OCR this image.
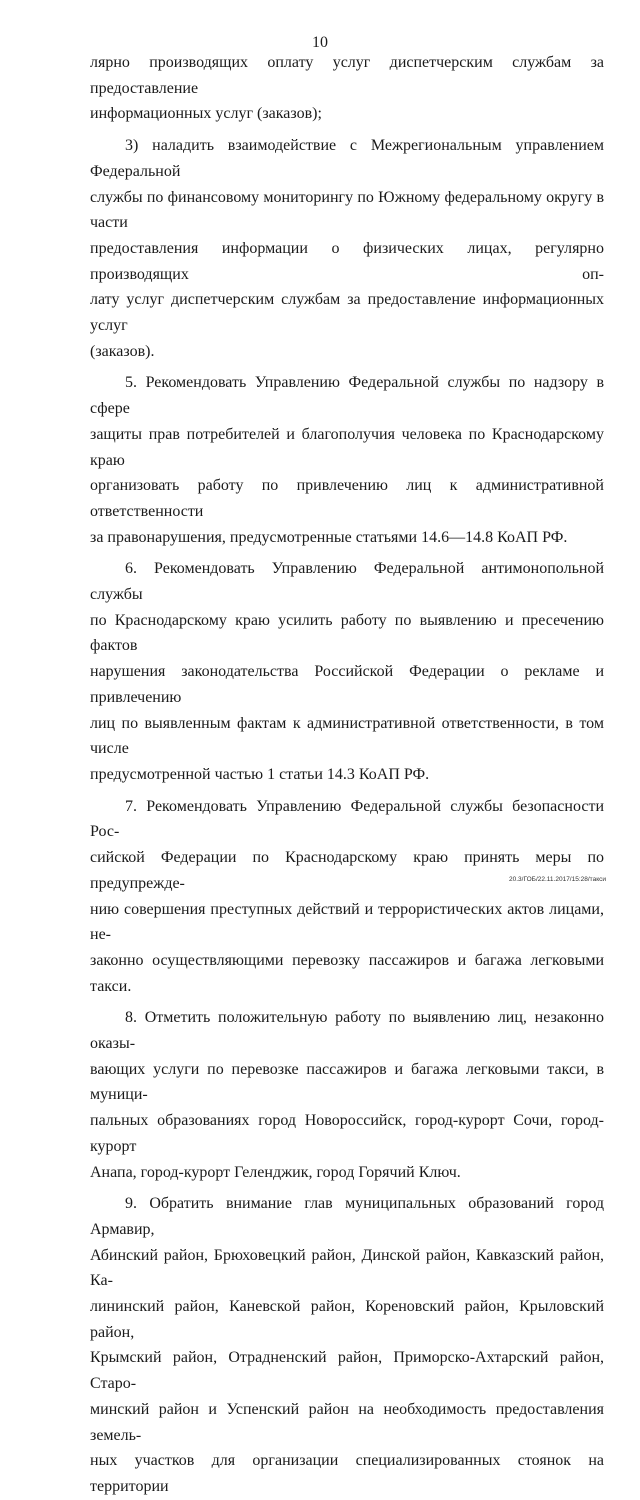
10

лярно производящих оплату услуг диспетчерским службам за предоставление

информационных услуг (заказов);

3) наладить взаимодействие с Межрегиональным управлением Федеральной

службы по финансовому мониторингу по Южному федеральному округу в части

предоставления информации о физических лицах, регулярно производящих оп-

лату услуг диспетчерским службам за предоставление информационных услуг

(заказов).

5. Рекомендовать Управлению Федеральной службы по надзору в сфере

защиты прав потребителей и благополучия человека по Краснодарскому краю

организовать работу по привлечению лиц к административной ответственности

за правонарушения, предусмотренные статьями 14.6—14.8 КоАП РФ.

6. Рекомендовать Управлению Федеральной антимонопольной службы

по Краснодарскому краю усилить работу по выявлению и пресечению фактов

нарушения законодательства Российской Федерации о рекламе и привлечению

лиц по выявленным фактам к административной ответственности, в том числе

предусмотренной частью 1 статьи 14.3 КоАП РФ.

7. Рекомендовать Управлению Федеральной службы безопасности Рос-

сийской Федерации по Краснодарскому краю принять меры по предупрежде-

нию совершения преступных действий и террористических актов лицами, не-

законно осуществляющими перевозку пассажиров и багажа легковыми такси.

8. Отметить положительную работу по выявлению лиц, незаконно оказы-

вающих услуги по перевозке пассажиров и багажа легковыми такси, в муници-

пальных образованиях город Новороссийск, город-курорт Сочи, город-курорт

Анапа, город-курорт Геленджик, город Горячий Ключ.

9. Обратить внимание глав муниципальных образований город Армавир,

Абинский район, Брюховецкий район, Динской район, Кавказский район, Ка-

лининский район, Каневской район, Кореновский район, Крыловский район,

Крымский район, Отрадненский район, Приморско-Ахтарский район, Старо-

минский район и Успенский район на необходимость предоставления земель-

ных участков для организации специализированных стоянок на территории

20.3/ГОБ/22.11.2017/15:28/такси
